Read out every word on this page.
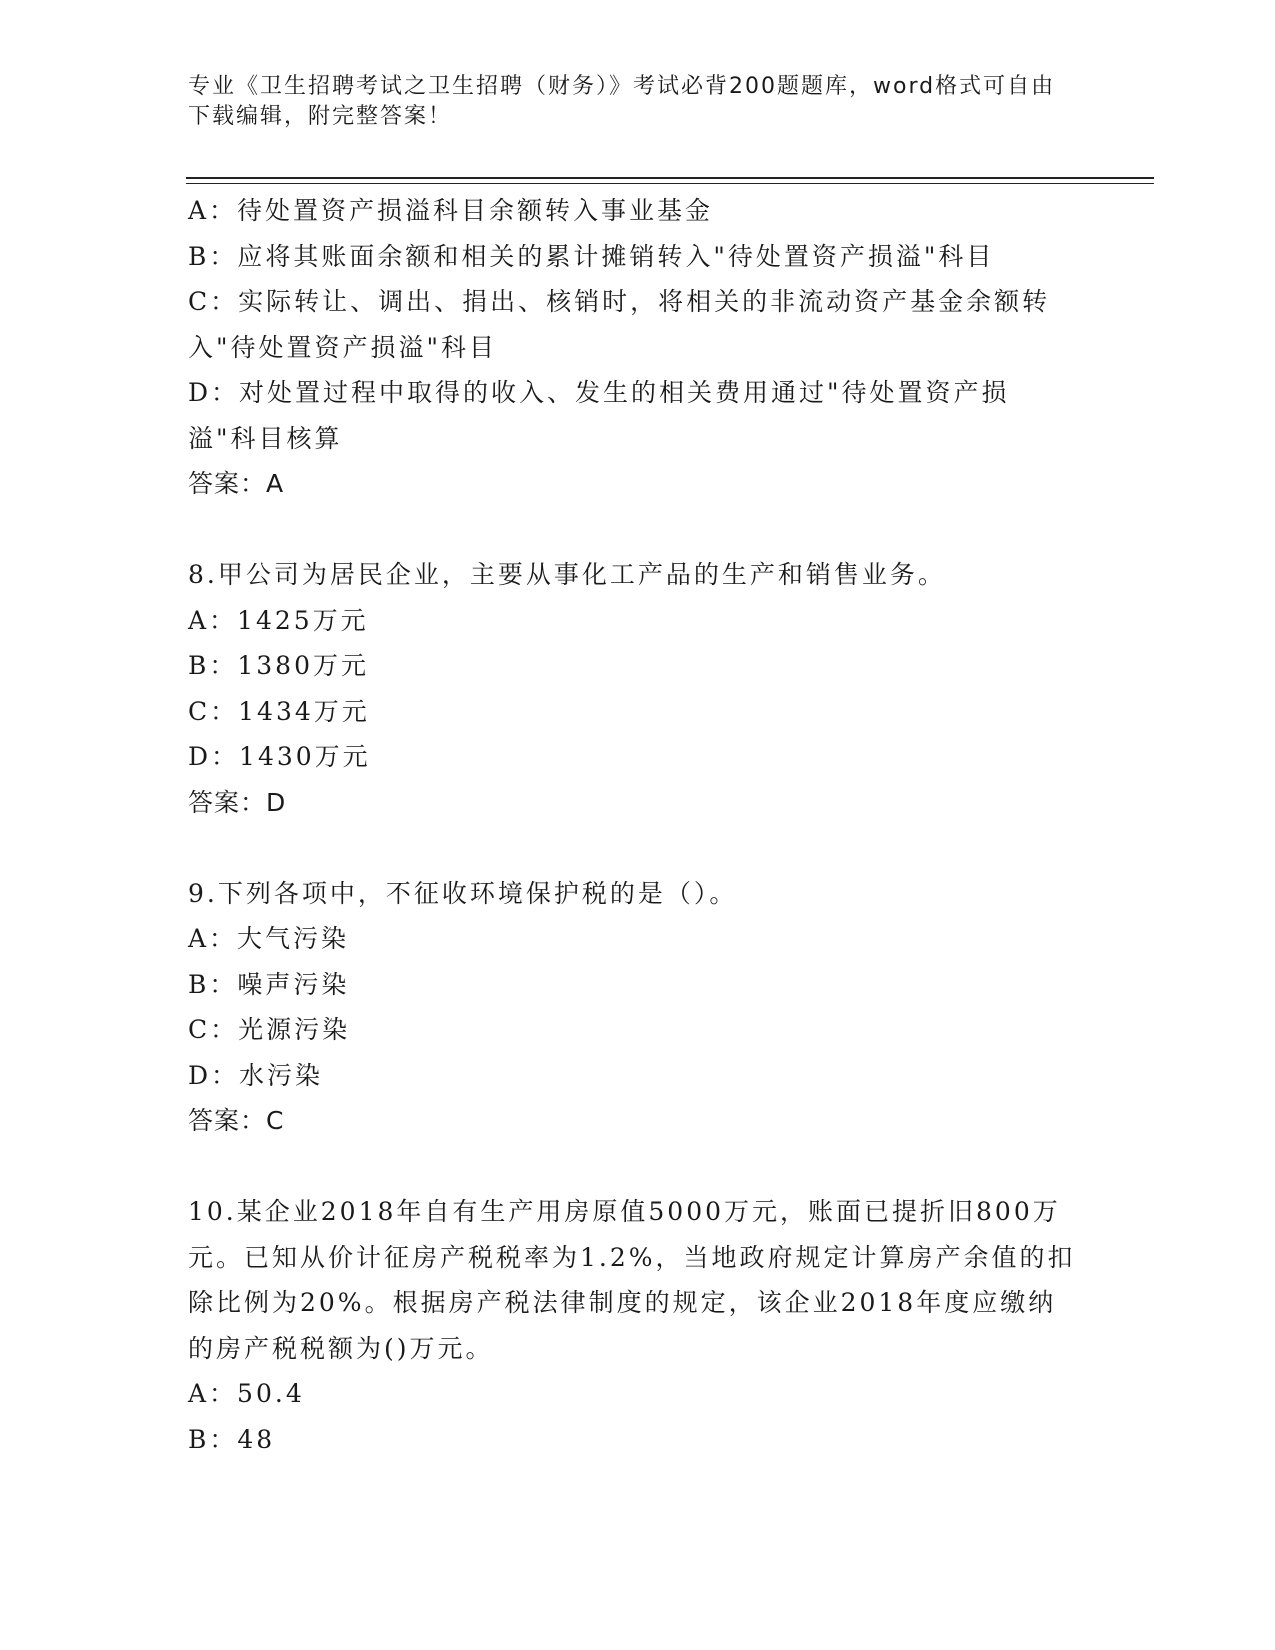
专业《卫生招聘考试之卫生招聘（财务）》考试必背200题题库，word格式可自由下载编辑，附完整答案！
A：待处置资产损溢科目余额转入事业基金
B：应将其账面余额和相关的累计摊销转入"待处置资产损溢"科目
C：实际转让、调出、捐出、核销时，将相关的非流动资产基金余额转入"待处置资产损溢"科目
D：对处置过程中取得的收入、发生的相关费用通过"待处置资产损溢"科目核算
答案：A
8.甲公司为居民企业，主要从事化工产品的生产和销售业务。
A：1425万元
B：1380万元
C：1434万元
D：1430万元
答案：D
9.下列各项中，不征收环境保护税的是（）。
A：大气污染
B：噪声污染
C：光源污染
D：水污染
答案：C
10.某企业2018年自有生产用房原值5000万元，账面已提折旧800万元。已知从价计征房产税税率为1.2%，当地政府规定计算房产余值的扣除比例为20%。根据房产税法律制度的规定，该企业2018年度应缴纳的房产税税额为()万元。
A：50.4
B：48
